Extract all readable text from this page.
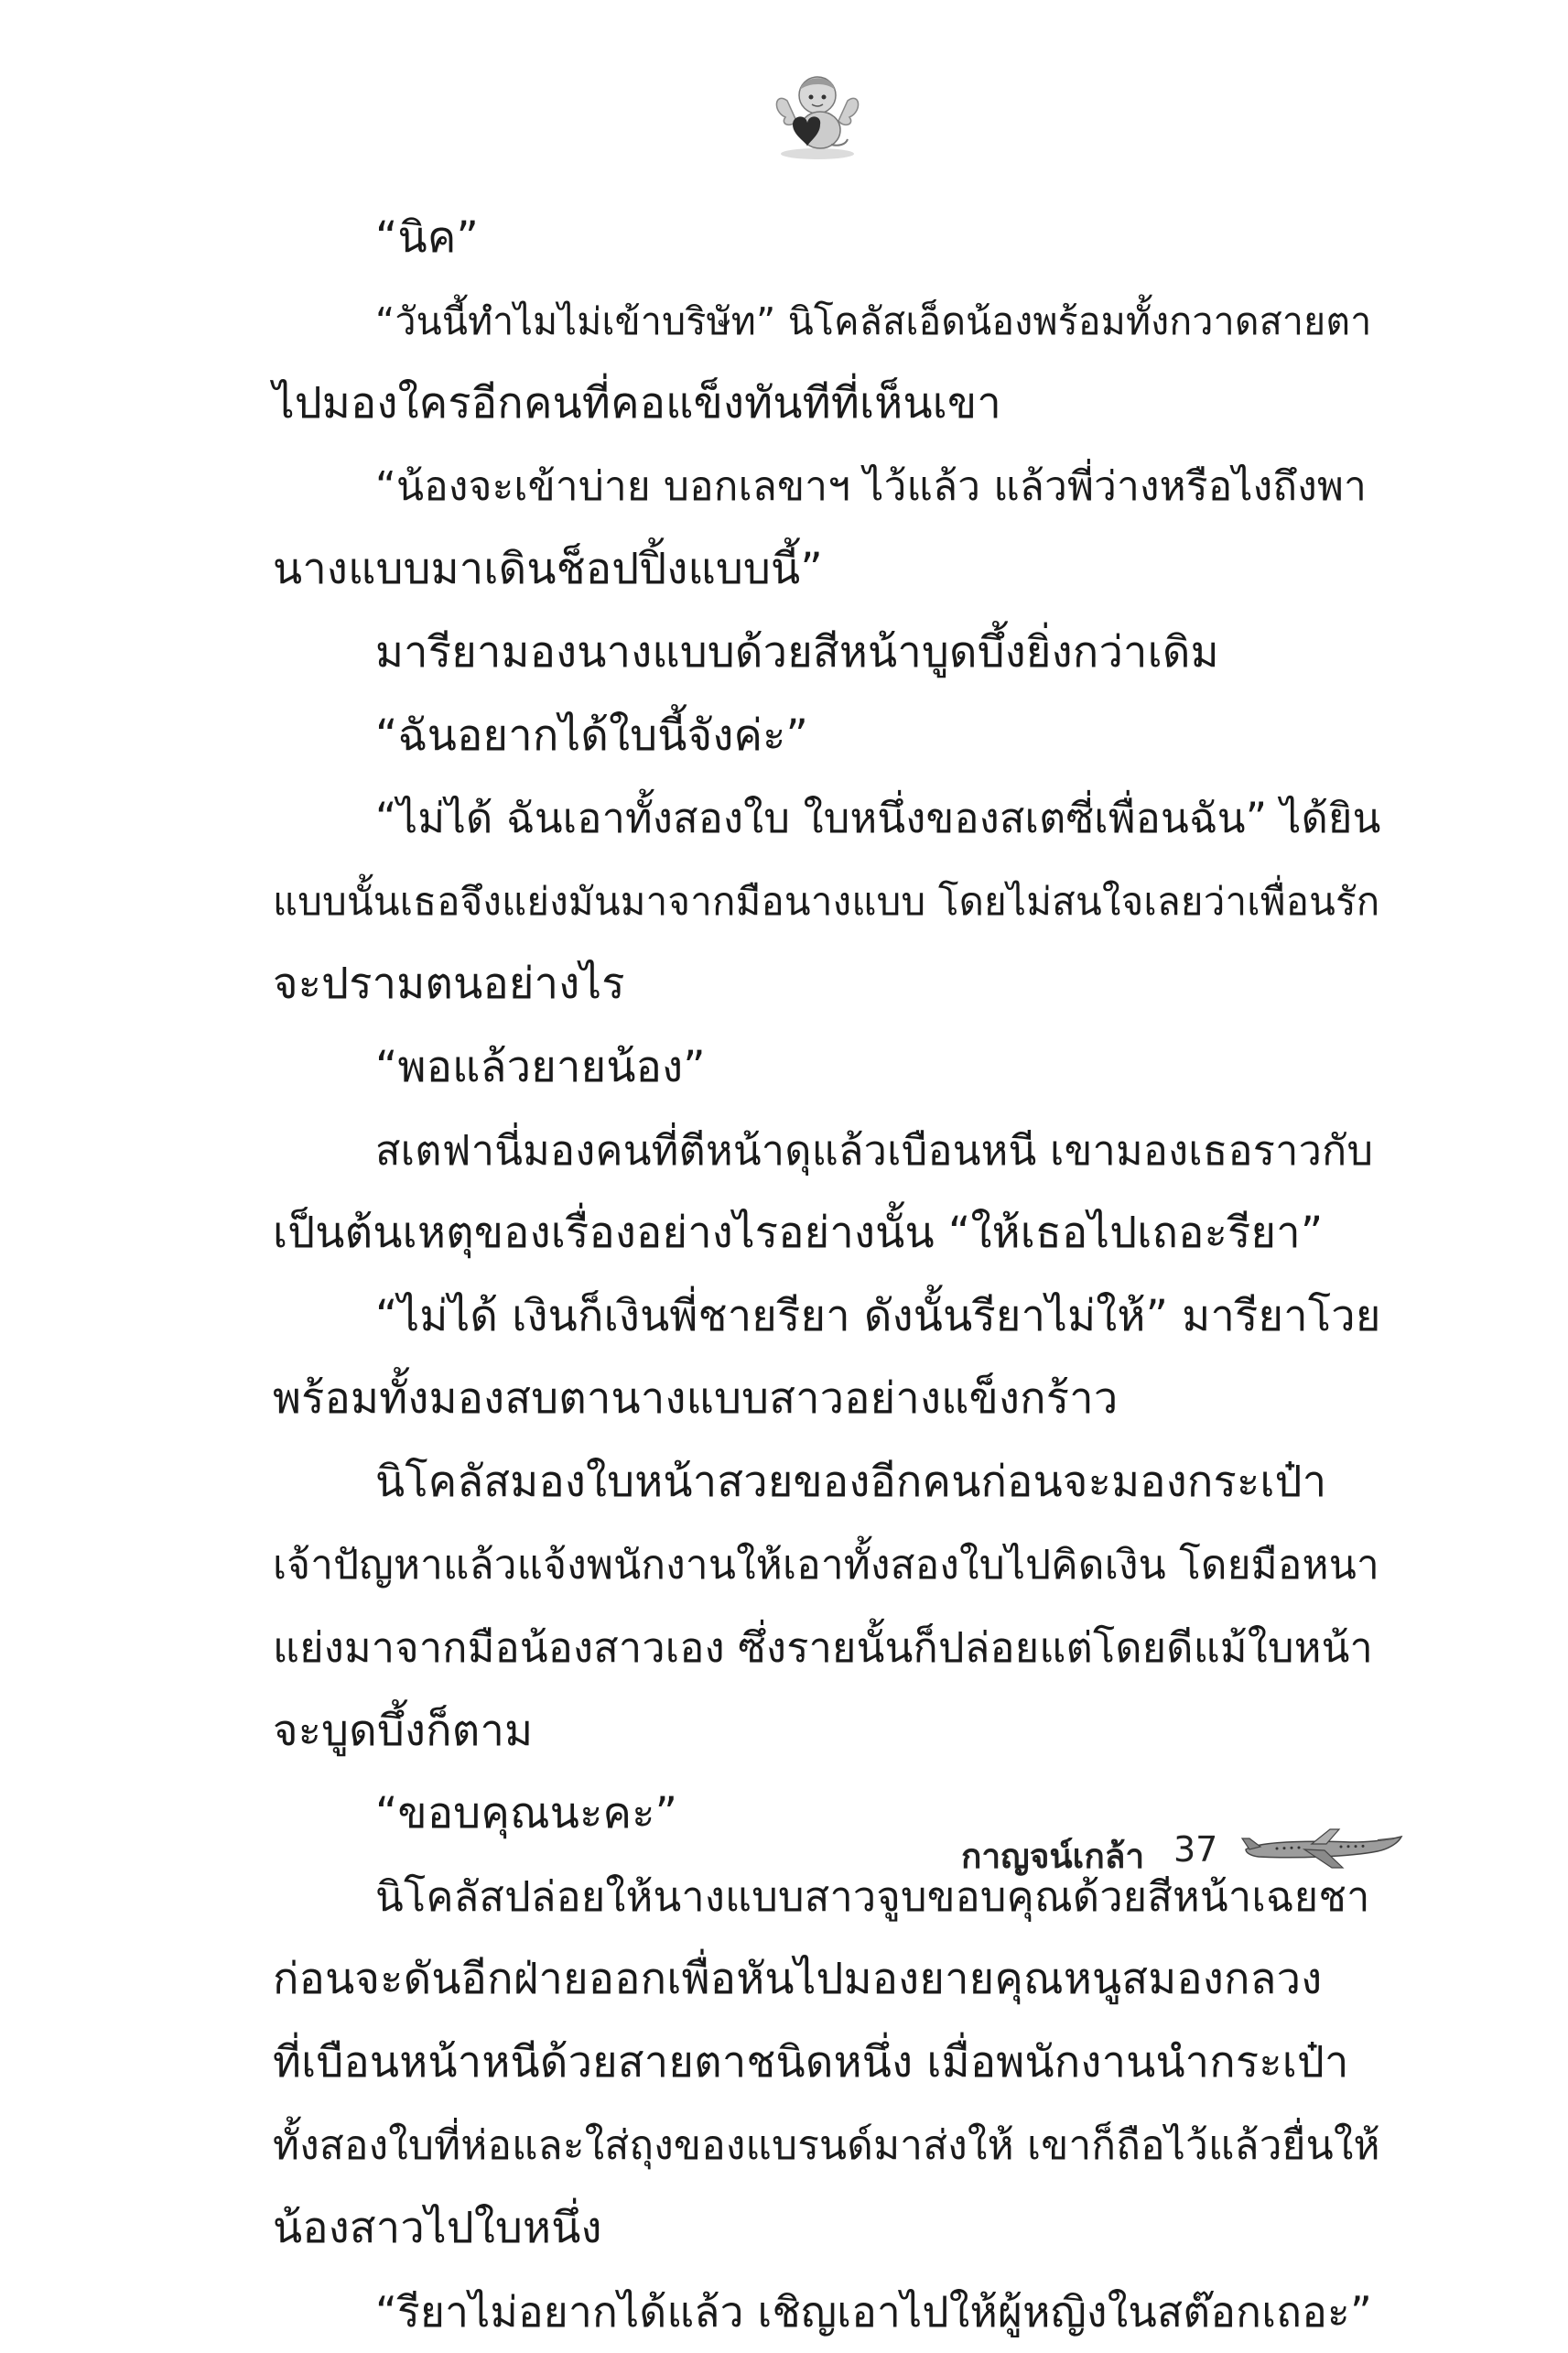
“นิค”
“วันนี้ทำไมไม่เข้าบริษัท” นิโคลัสเอ็ดน้องพร้อมทั้งกวาดสายตา
ไปมองใครอีกคนที่คอแข็งทันทีที่เห็นเขา
“น้องจะเข้าบ่าย บอกเลขาฯ ไว้แล้ว แล้วพี่ว่างหรือไงถึงพา
นางแบบมาเดินช็อปปิ้งแบบนี้”
มารียามองนางแบบด้วยสีหน้าบูดบึ้งยิ่งกว่าเดิม
“ฉันอยากได้ใบนี้จังค่ะ”
“ไม่ได้ ฉันเอาทั้งสองใบ ใบหนึ่งของสเตซี่เพื่อนฉัน” ได้ยิน
แบบนั้นเธอจึงแย่งมันมาจากมือนางแบบ โดยไม่สนใจเลยว่าเพื่อนรัก
จะปรามตนอย่างไร
“พอแล้วยายน้อง”
สเตฟานี่มองคนที่ตีหน้าดุแล้วเบือนหนี เขามองเธอราวกับ
เป็นต้นเหตุของเรื่องอย่างไรอย่างนั้น “ให้เธอไปเถอะรียา”
“ไม่ได้ เงินก็เงินพี่ชายรียา ดังนั้นรียาไม่ให้” มารียาโวย
พร้อมทั้งมองสบตานางแบบสาวอย่างแข็งกร้าว
นิโคลัสมองใบหน้าสวยของอีกคนก่อนจะมองกระเป๋า
เจ้าปัญหาแล้วแจ้งพนักงานให้เอาทั้งสองใบไปคิดเงิน โดยมือหนา
แย่งมาจากมือน้องสาวเอง ซึ่งรายนั้นก็ปล่อยแต่โดยดีแม้ใบหน้า
จะบูดบึ้งก็ตาม
“ขอบคุณนะคะ”
นิโคลัสปล่อยให้นางแบบสาวจูบขอบคุณด้วยสีหน้าเฉยชา
ก่อนจะดันอีกฝ่ายออกเพื่อหันไปมองยายคุณหนูสมองกลวง
ที่เบือนหน้าหนีด้วยสายตาชนิดหนึ่ง เมื่อพนักงานนำกระเป๋า
ทั้งสองใบที่ห่อและใส่ถุงของแบรนด์มาส่งให้ เขาก็ถือไว้แล้วยื่นให้
น้องสาวไปใบหนึ่ง
“รียาไม่อยากได้แล้ว เชิญเอาไปให้ผู้หญิงในสต๊อกเถอะ”
กาญจน์เกล้า 37
